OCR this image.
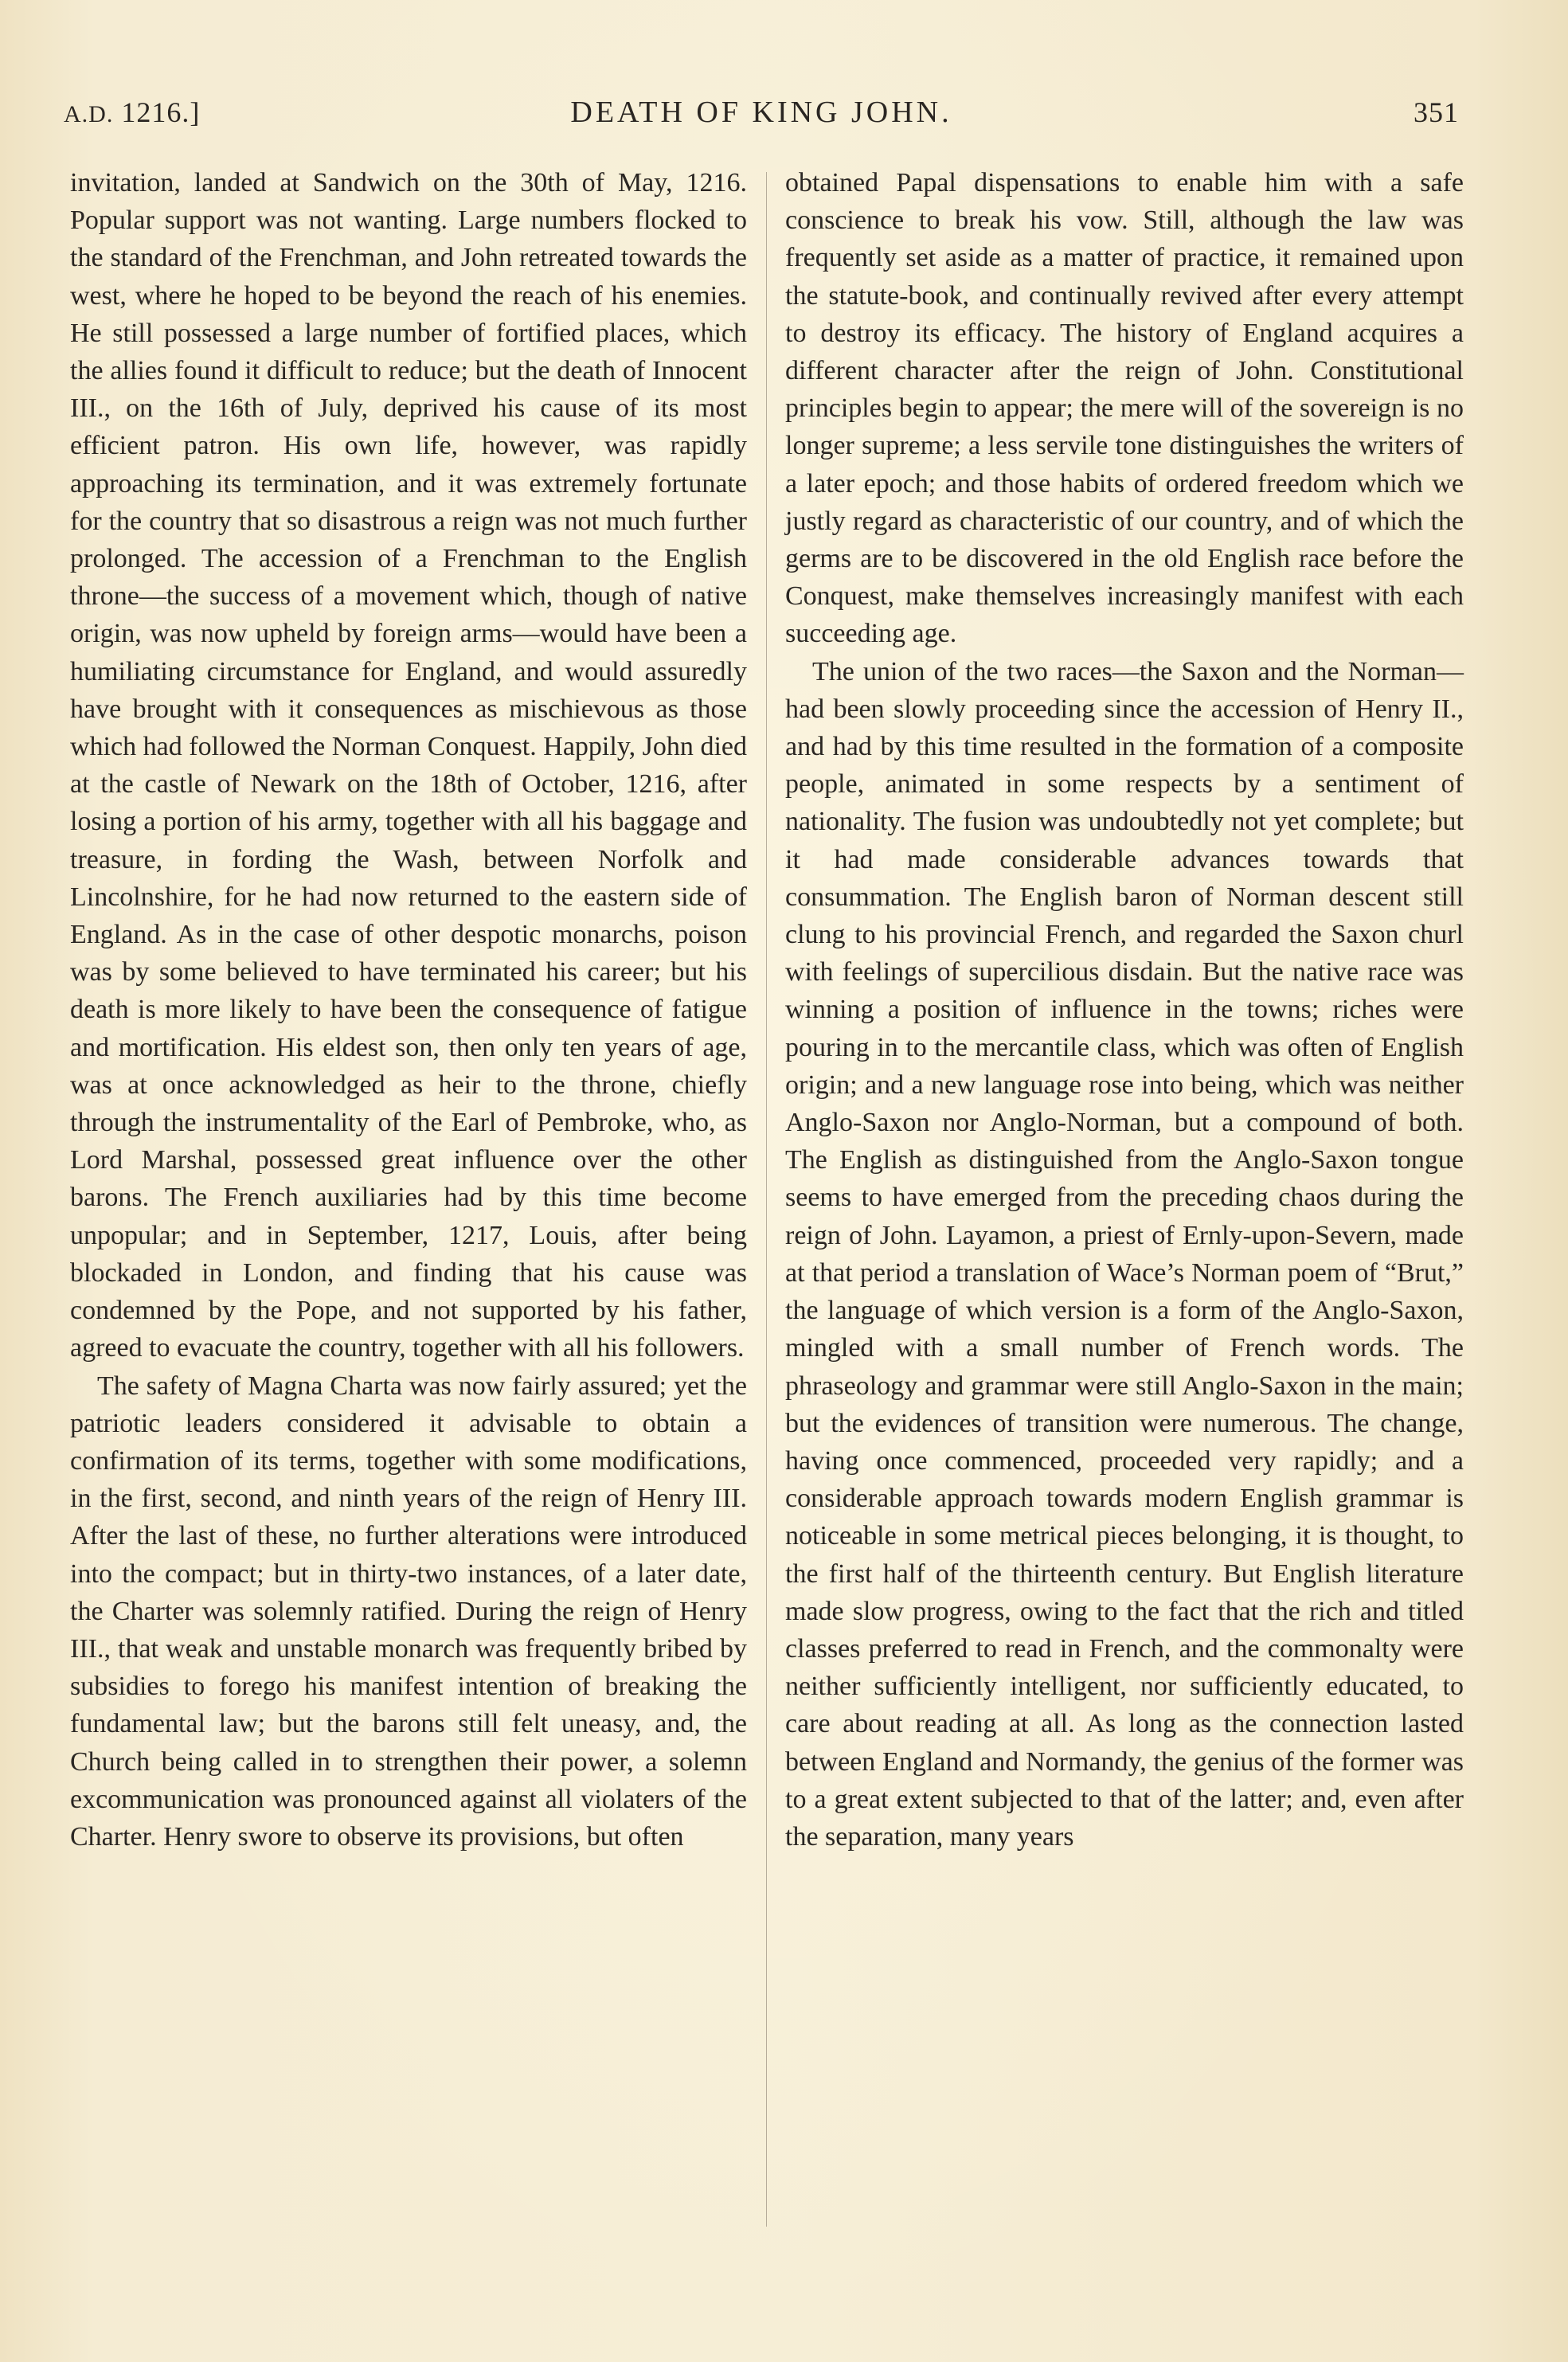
A.D. 1216.]	DEATH OF KING JOHN.	351

invitation, landed at Sandwich on the 30th of May, 1216. Popular support was not wanting. Large numbers flocked to the standard of the Frenchman, and John retreated towards the west, where he hoped to be beyond the reach of his enemies. He still possessed a large number of fortified places, which the allies found it difficult to reduce; but the death of Innocent III., on the 16th of July, deprived his cause of its most efficient patron. His own life, however, was rapidly approaching its termination, and it was extremely fortunate for the country that so disastrous a reign was not much further prolonged. The accession of a Frenchman to the English throne—the success of a movement which, though of native origin, was now upheld by foreign arms—would have been a humiliating circumstance for England, and would assuredly have brought with it consequences as mischievous as those which had followed the Norman Conquest. Happily, John died at the castle of Newark on the 18th of October, 1216, after losing a portion of his army, together with all his baggage and treasure, in fording the Wash, between Norfolk and Lincolnshire, for he had now returned to the eastern side of England. As in the case of other despotic monarchs, poison was by some believed to have terminated his career; but his death is more likely to have been the consequence of fatigue and mortification. His eldest son, then only ten years of age, was at once acknowledged as heir to the throne, chiefly through the instrumentality of the Earl of Pembroke, who, as Lord Marshal, possessed great influence over the other barons. The French auxiliaries had by this time become unpopular; and in September, 1217, Louis, after being blockaded in London, and finding that his cause was condemned by the Pope, and not supported by his father, agreed to evacuate the country, together with all his followers.

The safety of Magna Charta was now fairly assured; yet the patriotic leaders considered it advisable to obtain a confirmation of its terms, together with some modifications, in the first, second, and ninth years of the reign of Henry III. After the last of these, no further alterations were introduced into the compact; but in thirty-two instances, of a later date, the Charter was solemnly ratified. During the reign of Henry III., that weak and unstable monarch was frequently bribed by subsidies to forego his manifest intention of breaking the fundamental law; but the barons still felt uneasy, and, the Church being called in to strengthen their power, a solemn excommunication was pronounced against all violaters of the Charter. Henry swore to observe its provisions, but often

obtained Papal dispensations to enable him with a safe conscience to break his vow. Still, although the law was frequently set aside as a matter of practice, it remained upon the statute-book, and continually revived after every attempt to destroy its efficacy. The history of England acquires a different character after the reign of John. Constitutional principles begin to appear; the mere will of the sovereign is no longer supreme; a less servile tone distinguishes the writers of a later epoch; and those habits of ordered freedom which we justly regard as characteristic of our country, and of which the germs are to be discovered in the old English race before the Conquest, make themselves increasingly manifest with each succeeding age.

The union of the two races—the Saxon and the Norman—had been slowly proceeding since the accession of Henry II., and had by this time resulted in the formation of a composite people, animated in some respects by a sentiment of nationality. The fusion was undoubtedly not yet complete; but it had made considerable advances towards that consummation. The English baron of Norman descent still clung to his provincial French, and regarded the Saxon churl with feelings of supercilious disdain. But the native race was winning a position of influence in the towns; riches were pouring in to the mercantile class, which was often of English origin; and a new language rose into being, which was neither Anglo-Saxon nor Anglo-Norman, but a compound of both. The English as distinguished from the Anglo-Saxon tongue seems to have emerged from the preceding chaos during the reign of John. Layamon, a priest of Ernly-upon-Severn, made at that period a translation of Wace’s Norman poem of “Brut,” the language of which version is a form of the Anglo-Saxon, mingled with a small number of French words. The phraseology and grammar were still Anglo-Saxon in the main; but the evidences of transition were numerous. The change, having once commenced, proceeded very rapidly; and a considerable approach towards modern English grammar is noticeable in some metrical pieces belonging, it is thought, to the first half of the thirteenth century. But English literature made slow progress, owing to the fact that the rich and titled classes preferred to read in French, and the commonalty were neither sufficiently intelligent, nor sufficiently educated, to care about reading at all. As long as the connection lasted between England and Normandy, the genius of the former was to a great extent subjected to that of the latter; and, even after the separation, many years
